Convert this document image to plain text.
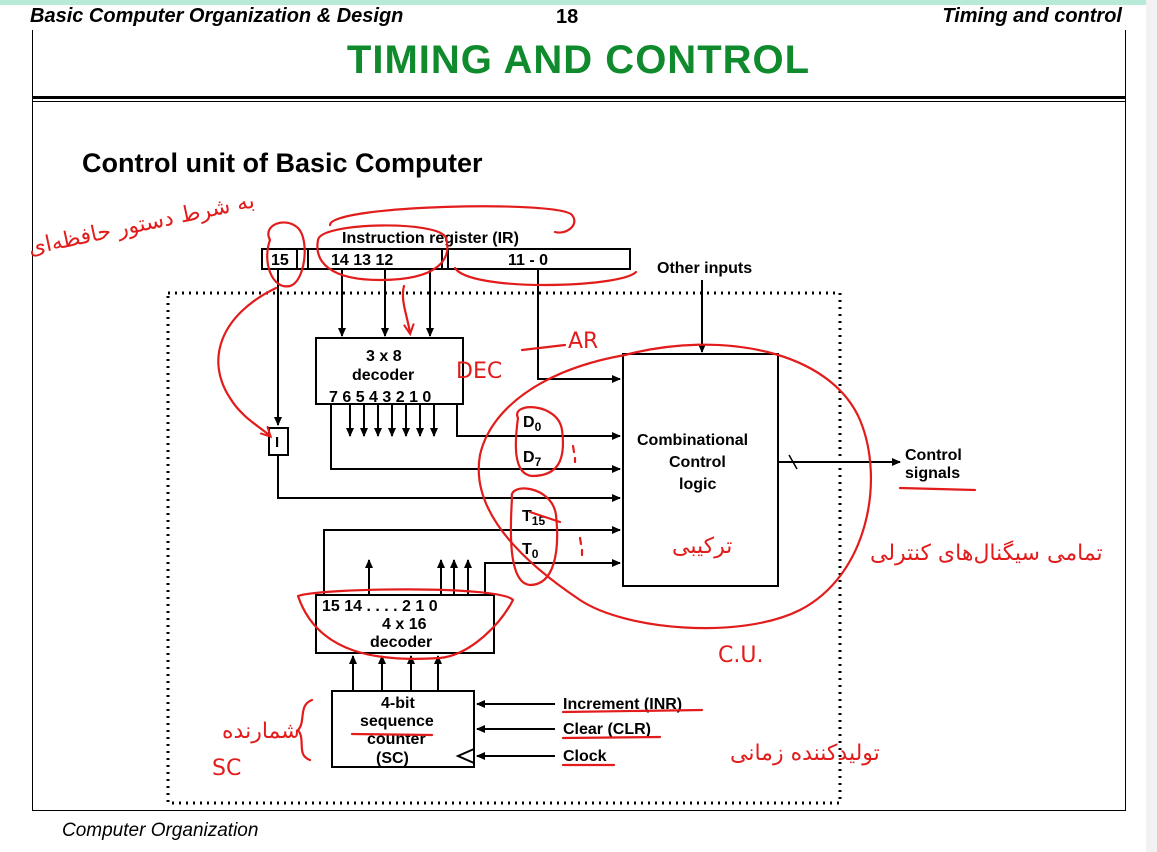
Basic Computer Organization & Design	18	Timing and control
TIMING AND CONTROL
Control unit of Basic Computer
Computer Organization
Instruction register (IR)
15	14 13 12	11 - 0	Other inputs
3 x 8
decoder
7 6 5 4 3 2 1 0
I
$D_0$
$D_7$
$T_{15}$
$T_0$
Combinational
Control
logic
Control
signals
15 14 . . . . 2 1 0
4 x 16
decoder
4-bit
sequence
counter
(SC)
Increment (INR)
Clear (CLR)
Clock
به شرط دستور حافظه‌ای
AR
DEC
ترکیبی	تمامی سیگنال‌های کنترلی
C.U.
شمارنده
SC
تولیدکننده زمانی
